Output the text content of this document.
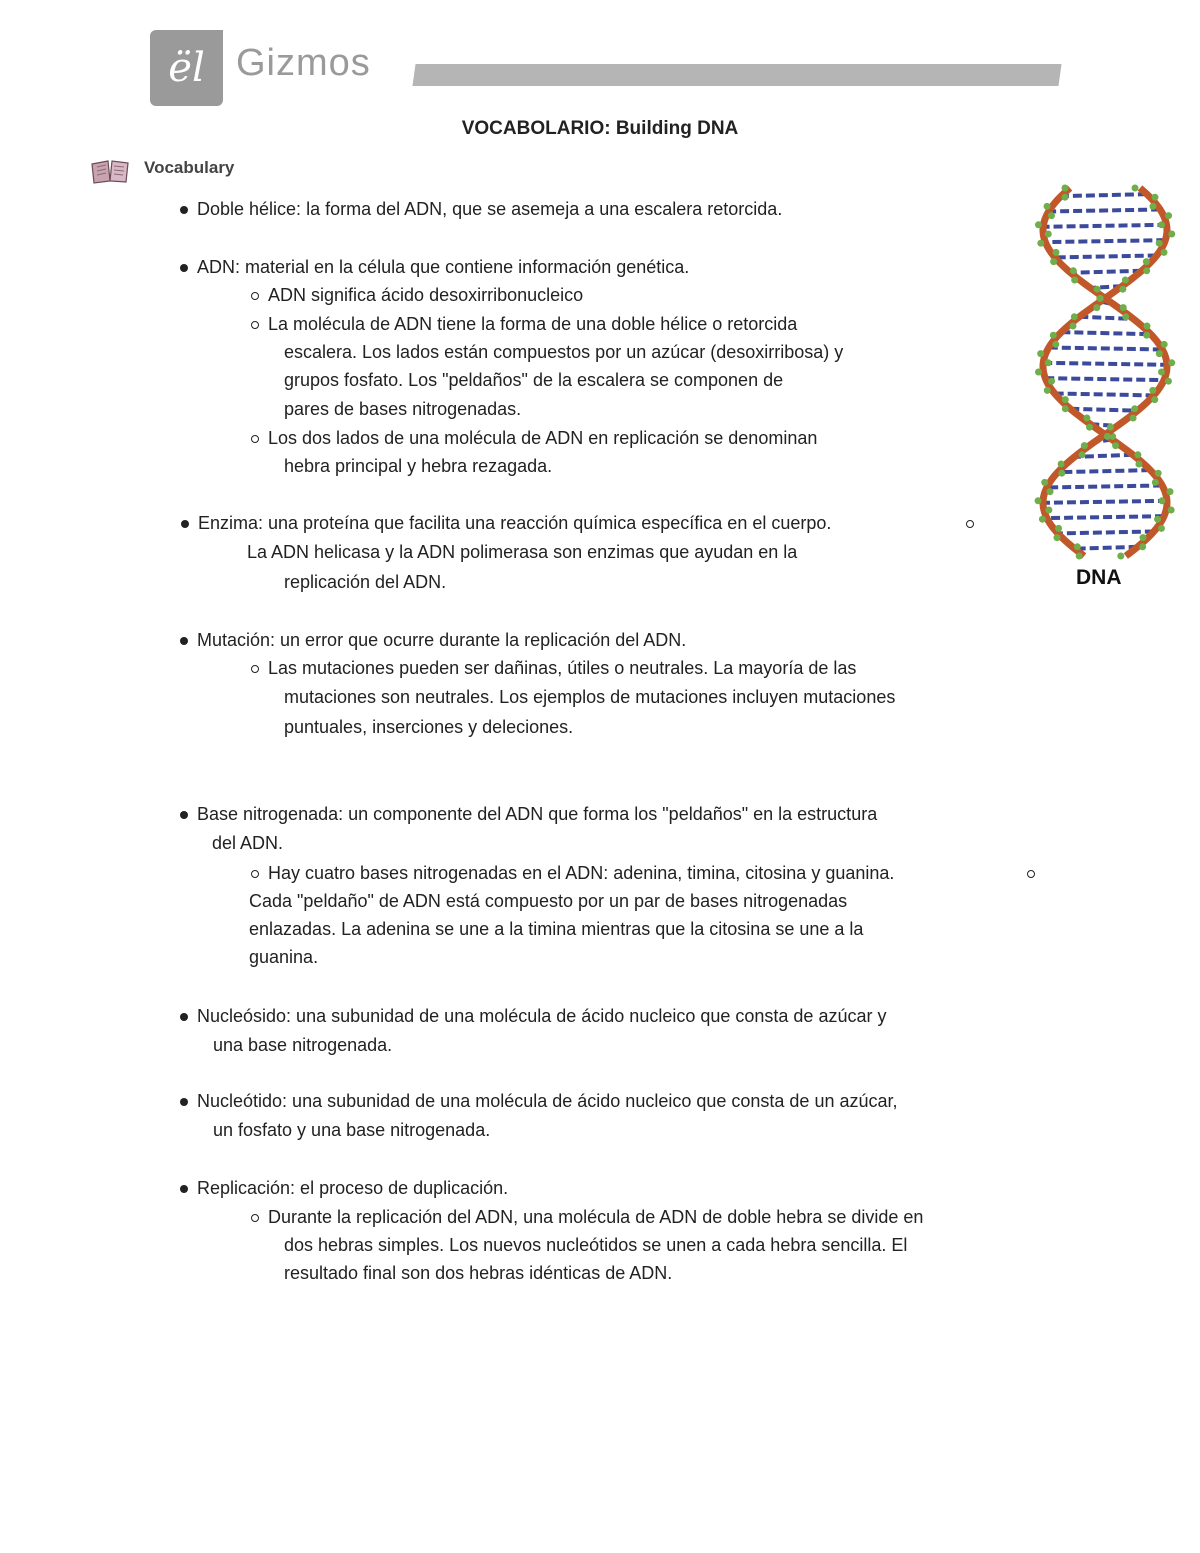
ël Gizmos
VOCABOLARIO: Building DNA
Vocabulary
Doble hélice: la forma del ADN, que se asemeja a una escalera retorcida.
ADN: material en la célula que contiene información genética.
ADN significa ácido desoxirribonucleico
La molécula de ADN tiene la forma de una doble hélice o retorcida
escalera. Los lados están compuestos por un azúcar (desoxirribosa) y
grupos fosfato. Los "peldaños" de la escalera se componen de
pares de bases nitrogenadas.
Los dos lados de una molécula de ADN en replicación se denominan
hebra principal y hebra rezagada.
Enzima: una proteína que facilita una reacción química específica en el cuerpo.
La ADN helicasa y la ADN polimerasa son enzimas que ayudan en la
replicación del ADN.
Mutación: un error que ocurre durante la replicación del ADN.
Las mutaciones pueden ser dañinas, útiles o neutrales. La mayoría de las
mutaciones son neutrales. Los ejemplos de mutaciones incluyen mutaciones
puntuales, inserciones y deleciones.
Base nitrogenada: un componente del ADN que forma los "peldaños" en la estructura
del ADN.
Hay cuatro bases nitrogenadas en el ADN: adenina, timina, citosina y guanina.
Cada "peldaño" de ADN está compuesto por un par de bases nitrogenadas
enlazadas. La adenina se une a la timina mientras que la citosina se une a la
guanina.
Nucleósido: una subunidad de una molécula de ácido nucleico que consta de azúcar y
una base nitrogenada.
Nucleótido: una subunidad de una molécula de ácido nucleico que consta de un azúcar,
un fosfato y una base nitrogenada.
Replicación: el proceso de duplicación.
Durante la replicación del ADN, una molécula de ADN de doble hebra se divide en
dos hebras simples. Los nuevos nucleótidos se unen a cada hebra sencilla. El
resultado final son dos hebras idénticas de ADN.
DNA
